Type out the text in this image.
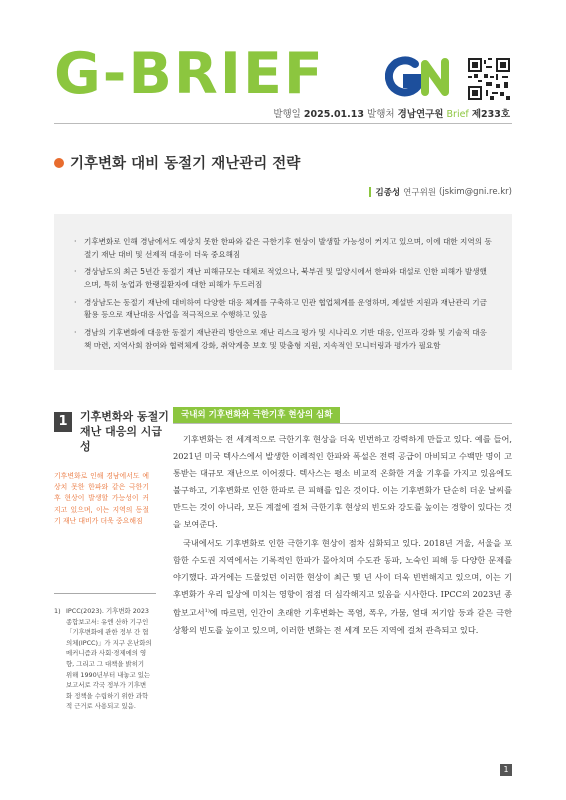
G-BRIEF
발행일 2025.01.13 발행처 경남연구원 Brief 제233호
기후변화 대비 동절기 재난관리 전략
김종성 연구위원 (jskim@gni.re.kr)
· 기후변화로 인해 경남에서도 예상치 못한 한파와 같은 극한기후 현상이 발생할 가능성이 커지고 있으며, 이에 대한 지역의 동절기 재난 대비 및 선제적 대응이 더욱 중요해짐
· 경상남도의 최근 5년간 동절기 재난 피해규모는 대체로 적었으나, 북부권 및 밀양시에서 한파와 대설로 인한 피해가 발생했으며, 특히 농업과 한랭질환자에 대한 피해가 두드러짐
· 경상남도는 동절기 재난에 대비하여 다양한 대응 체계를 구축하고 민관 협업체계를 운영하며, 제설반 지원과 재난관리 기금 활용 등으로 재난대응 사업을 적극적으로 수행하고 있음
· 경남의 기후변화에 대응한 동절기 재난관리 방안으로 재난 리스크 평가 및 시나리오 기반 대응, 인프라 강화 및 기술적 대응책 마련, 지역사회 참여와 협력체계 강화, 취약계층 보호 및 맞춤형 지원, 지속적인 모니터링과 평가가 필요함
1	기후변화와 동절기 재난 대응의 시급성
기후변화로 인해 경남에서도 예상치 못한 한파와 같은 극한기후 현상이 발생할 가능성이 커지고 있으며, 이는 지역의 동절기 재난 대비가 더욱 중요해짐
1) IPCC(2023). 기후변화 2023 종합보고서: 유엔 산하 기구인 「기후변화에 관한 정부 간 협의체(IPCC)」가 지구 온난화의 메커니즘과 사회·경제에의 영향, 그리고 그 대책을 밝히기 위해 1990년부터 내놓고 있는 보고서로 각국 정부가 기후변화 정책을 수립하기 위한 과학적 근거로 사용되고 있음.
국내외 기후변화와 극한기후 현상의 심화

기후변화는 전 세계적으로 극한기후 현상을 더욱 빈번하고 강력하게 만들고 있다. 예를 들어, 2021년 미국 텍사스에서 발생한 이례적인 한파와 폭설은 전력 공급이 마비되고 수백만 명이 고통받는 대규모 재난으로 이어졌다. 텍사스는 평소 비교적 온화한 겨울 기후를 가지고 있음에도 불구하고, 기후변화로 인한 한파로 큰 피해를 입은 것이다. 이는 기후변화가 단순히 더운 날씨를 만드는 것이 아니라, 모든 계절에 걸쳐 극한기후 현상의 빈도와 강도를 높이는 경향이 있다는 것을 보여준다.

국내에서도 기후변화로 인한 극한기후 현상이 점차 심화되고 있다. 2018년 겨울, 서울을 포함한 수도권 지역에서는 기록적인 한파가 몰아치며 수도관 동파, 노숙인 피해 등 다양한 문제를 야기했다. 과거에는 드물었던 이러한 현상이 최근 몇 년 사이 더욱 빈번해지고 있으며, 이는 기후변화가 우리 일상에 미치는 영향이 점점 더 심각해지고 있음을 시사한다. IPCC의 2023년 종합보고서$^{1)}$에 따르면, 인간이 초래한 기후변화는 폭염, 폭우, 가뭄, 열대 저기압 등과 같은 극한 상황의 빈도를 높이고 있으며, 이러한 변화는 전 세계 모든 지역에 걸쳐 관측되고 있다.

1
